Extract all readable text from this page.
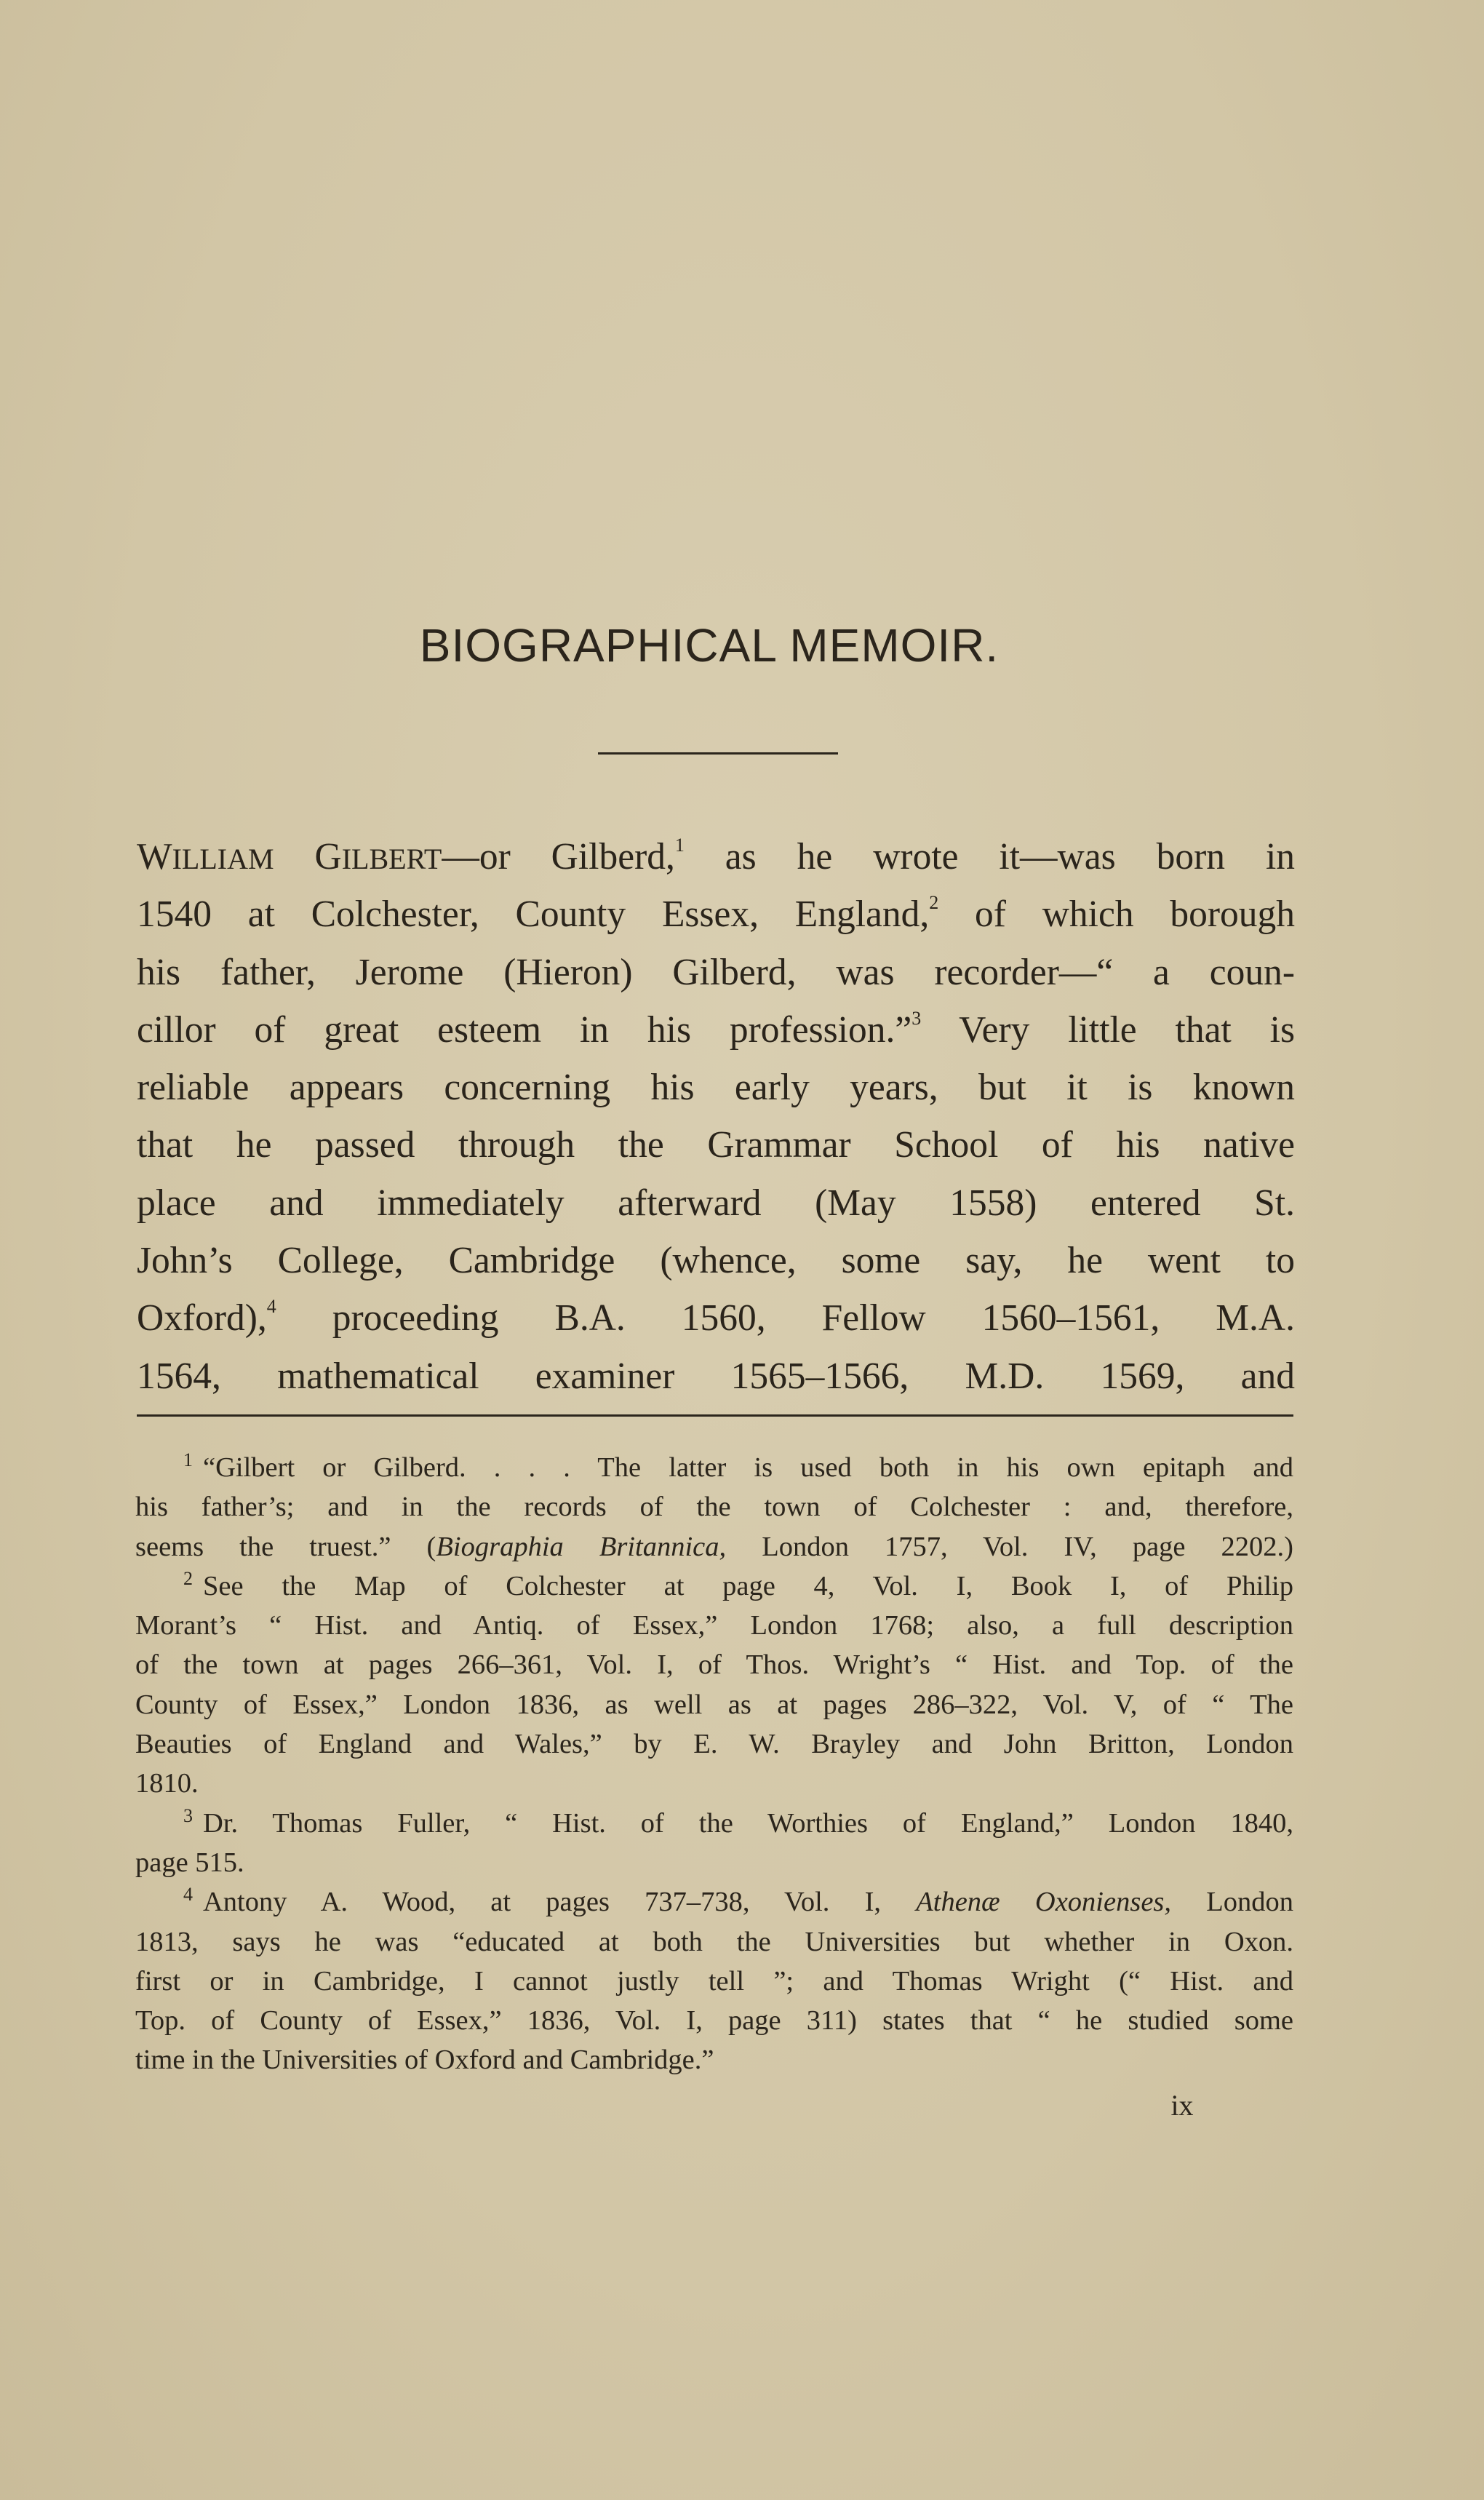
BIOGRAPHICAL MEMOIR.
WILLIAM GILBERT—or Gilberd,$^1$ as he wrote it—was born in
1540 at Colchester, County Essex, England,$^2$ of which borough
his father, Jerome (Hieron) Gilberd, was recorder—“ a coun-
cillor of great esteem in his profession.”$^3$ Very little that is
reliable appears concerning his early years, but it is known
that he passed through the Grammar School of his native
place and immediately afterward (May 1558) entered St.
John’s College, Cambridge (whence, some say, he went to
Oxford),$^4$ proceeding B.A. 1560, Fellow 1560–1561, M.A.
1564, mathematical examiner 1565–1566, M.D. 1569, and
$^1$ “Gilbert or Gilberd. . . . The latter is used both in his own epitaph and
his father’s; and in the records of the town of Colchester : and, therefore,
seems the truest.” (Biographia Britannica, London 1757, Vol. IV, page 2202.)
$^2$ See the Map of Colchester at page 4, Vol. I, Book I, of Philip
Morant’s “ Hist. and Antiq. of Essex,” London 1768; also, a full description
of the town at pages 266–361, Vol. I, of Thos. Wright’s “ Hist. and Top. of the
County of Essex,” London 1836, as well as at pages 286–322, Vol. V, of “ The
Beauties of England and Wales,” by E. W. Brayley and John Britton, London
1810.
$^3$ Dr. Thomas Fuller, “ Hist. of the Worthies of England,” London 1840,
page 515.
$^4$ Antony A. Wood, at pages 737–738, Vol. I, Athenæ Oxonienses, London
1813, says he was “educated at both the Universities but whether in Oxon.
first or in Cambridge, I cannot justly tell ”; and Thomas Wright (“ Hist. and
Top. of County of Essex,” 1836, Vol. I, page 311) states that “ he studied some
time in the Universities of Oxford and Cambridge.”
ix
